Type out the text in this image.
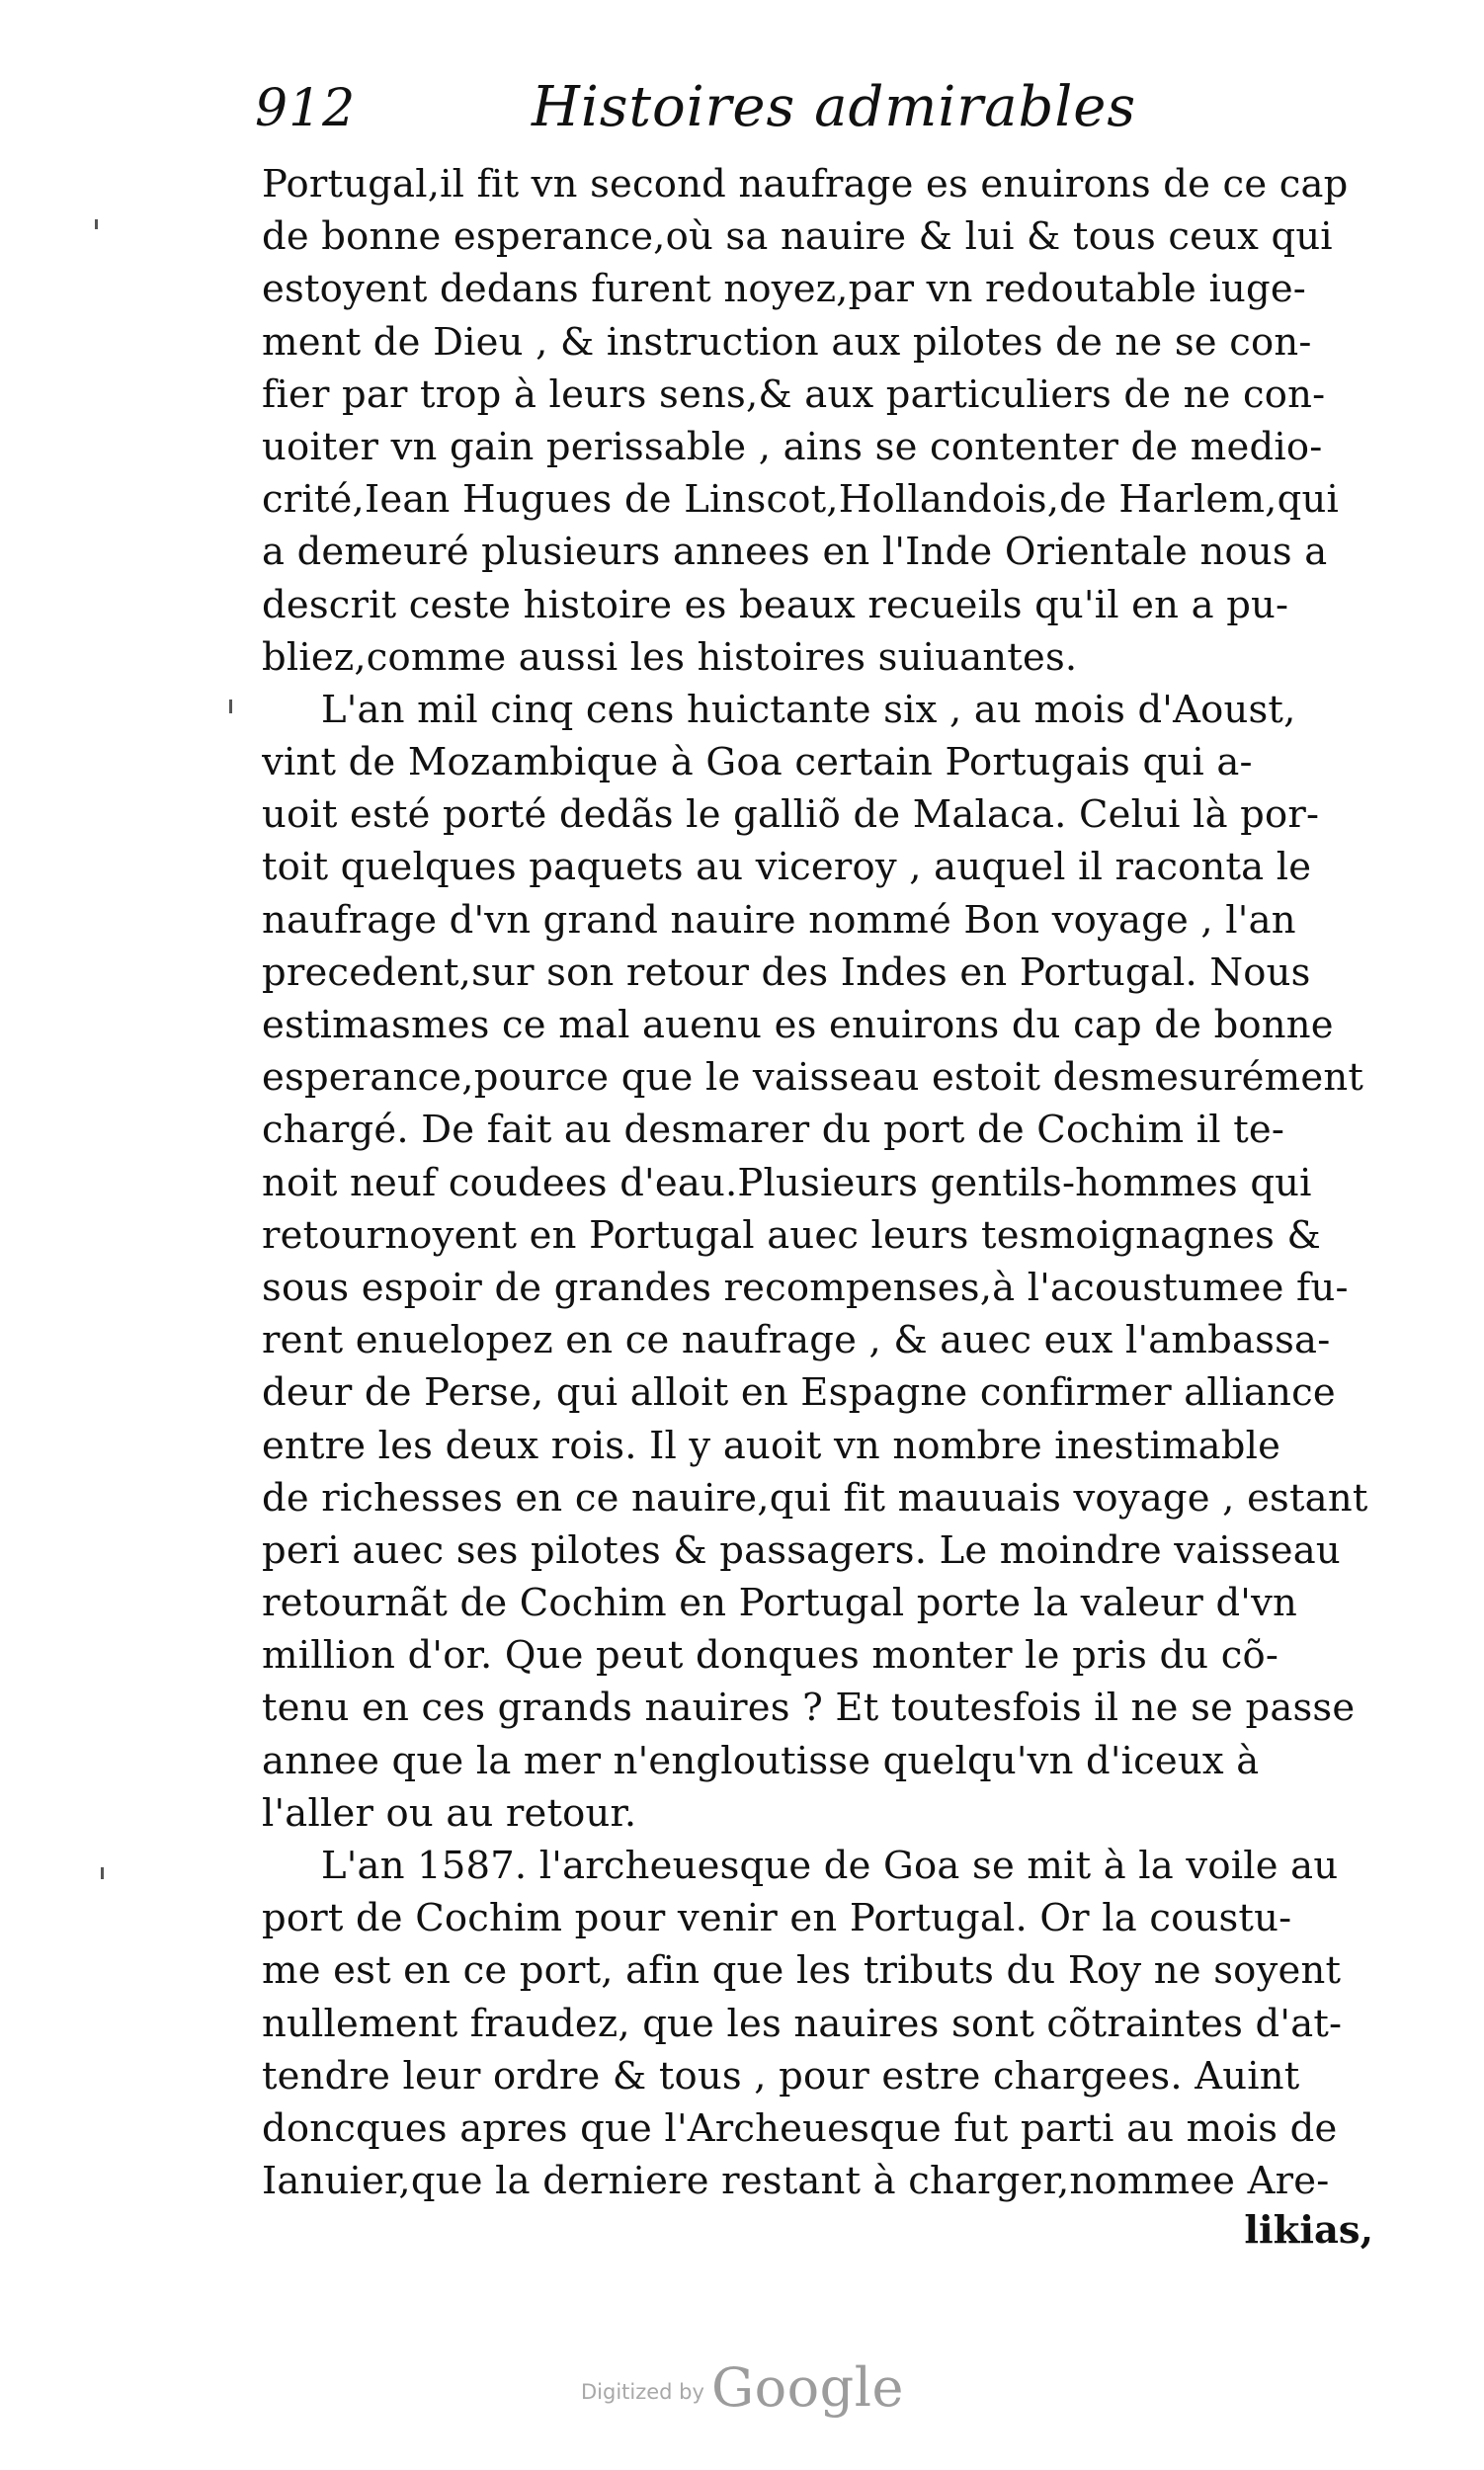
912	Histoires admirables
Portugal,il fit vn second naufrage es enuirons de ce cap
de bonne esperance,où sa nauire & lui & tous ceux qui
estoyent dedans furent noyez,par vn redoutable iuge-
ment de Dieu , & instruction aux pilotes de ne se con-
fier par trop à leurs sens,& aux particuliers de ne con-
uoiter vn gain perissable , ains se contenter de medio-
crité,Iean Hugues de Linscot,Hollandois,de Harlem,qui
a demeuré plusieurs annees en l'Inde Orientale nous a
descrit ceste histoire es beaux recueils qu'il en a pu-
bliez,comme aussi les histoires suiuantes.
L'an mil cinq cens huictante six , au mois d'Aoust,
vint de Mozambique à Goa certain Portugais qui a-
uoit esté porté dedãs le galliõ de Malaca. Celui là por-
toit quelques paquets au viceroy , auquel il raconta le
naufrage d'vn grand nauire nommé Bon voyage , l'an
precedent,sur son retour des Indes en Portugal. Nous
estimasmes ce mal auenu es enuirons du cap de bonne
esperance,pource que le vaisseau estoit desmesurément
chargé. De fait au desmarer du port de Cochim il te-
noit neuf coudees d'eau.Plusieurs gentils-hommes qui
retournoyent en Portugal auec leurs tesmoignagnes &
sous espoir de grandes recompenses,à l'acoustumee fu-
rent enuelopez en ce naufrage , & auec eux l'ambassa-
deur de Perse, qui alloit en Espagne confirmer alliance
entre les deux rois. Il y auoit vn nombre inestimable
de richesses en ce nauire,qui fit mauuais voyage , estant
peri auec ses pilotes & passagers. Le moindre vaisseau
retournãt de Cochim en Portugal porte la valeur d'vn
million d'or. Que peut donques monter le pris du cõ-
tenu en ces grands nauires ? Et toutesfois il ne se passe
annee que la mer n'engloutisse quelqu'vn d'iceux à
l'aller ou au retour.
L'an 1587. l'archeuesque de Goa se mit à la voile au
port de Cochim pour venir en Portugal. Or la coustu-
me est en ce port, afin que les tributs du Roy ne soyent
nullement fraudez, que les nauires sont cõtraintes d'at-
tendre leur ordre & tous , pour estre chargees. Auint
doncques apres que l'Archeuesque fut parti au mois de
Ianuier,que la derniere restant à charger,nommee Are-
likias,
Digitized by Google
